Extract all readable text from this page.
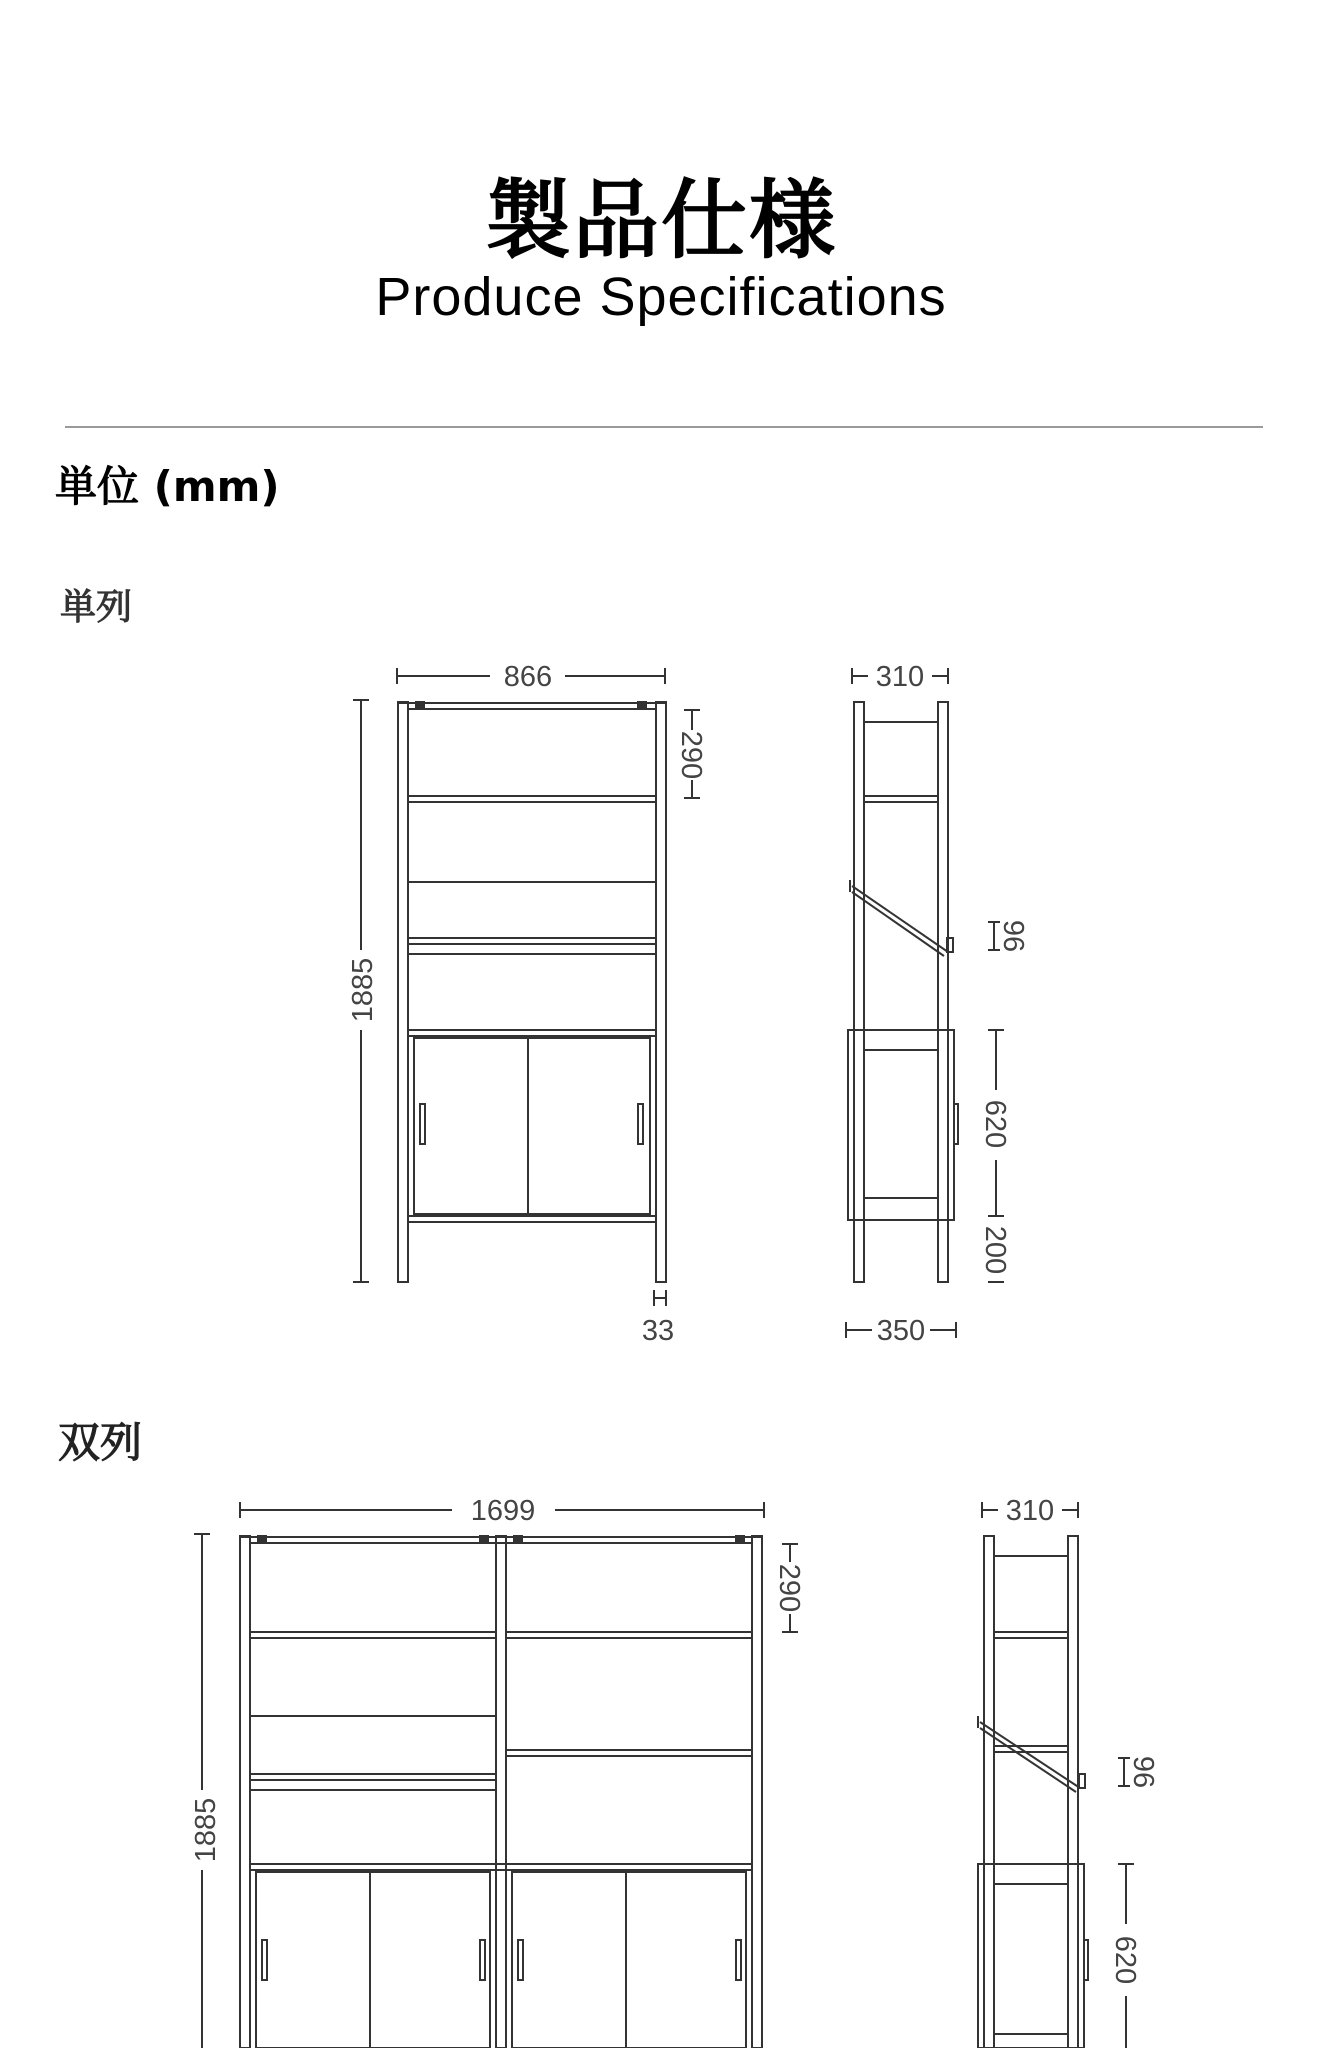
製品仕様
Produce Specifications
単位 (mm)
単列
双列
866
1885
290
33
310
96
620
200
350
1699
1885
290
310
96
620
